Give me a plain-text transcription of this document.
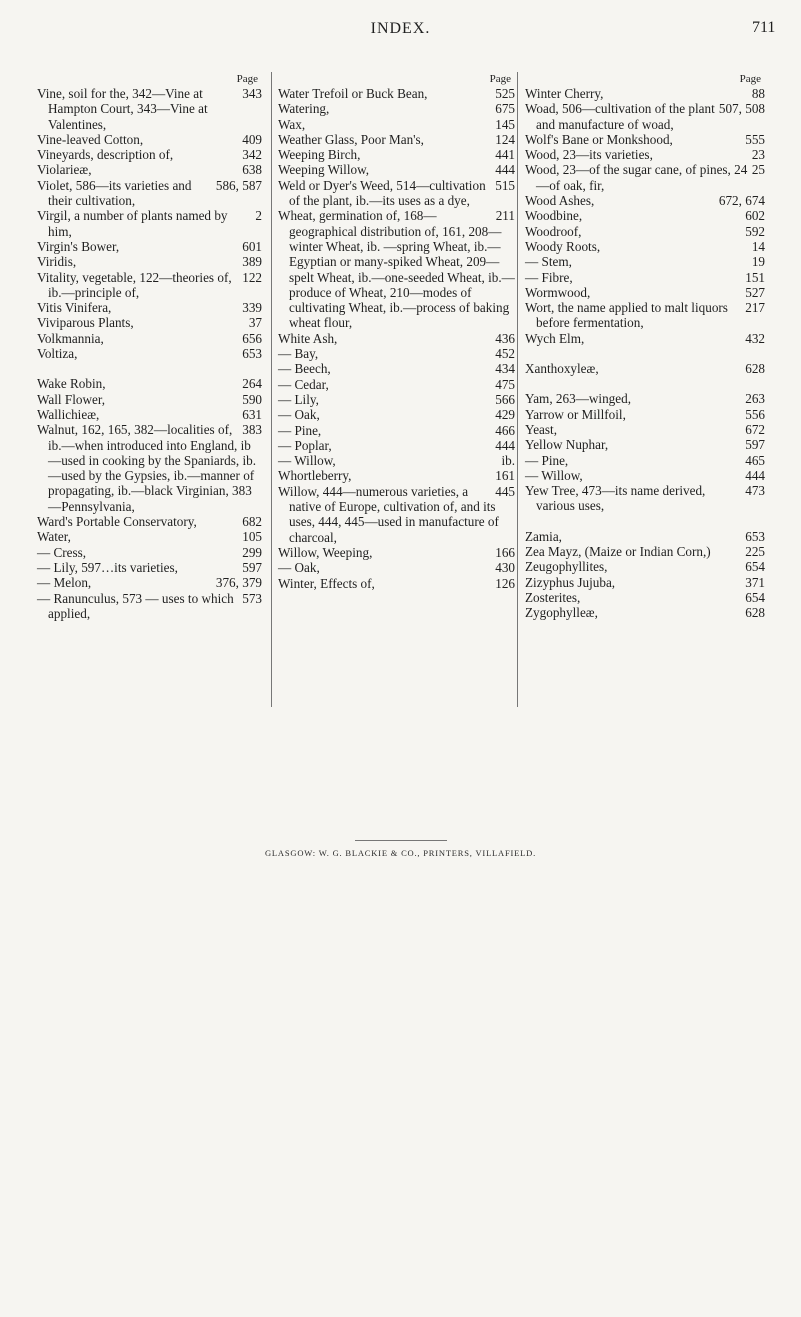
INDEX.	711
Page

343
Vine, soil for the, 342—Vine at Hampton Court, 343—Vine at Valentines,

409
Vine-leaved Cotton,

342
Vineyards, description of,

638
Violarieæ,

586, 587
Violet, 586—its varieties and their cultivation,

2
Virgil, a number of plants named by him,

601
Virgin's Bower,

389
Viridis,

122
Vitality, vegetable, 122—theories of, ib.—principle of,

339
Vitis Vinifera,

37
Viviparous Plants,

656
Volkmannia,

653
Voltiza,

264
Wake Robin,

590
Wall Flower,

631
Wallichieæ,

383
Walnut, 162, 165, 382—localities of, ib.—when introduced into England, ib—used in cooking by the Spaniards, ib. —used by the Gypsies, ib.—manner of propagating, ib.—black Virginian, 383—Pennsylvania,

682
Ward's Portable Conservatory,

105
Water,

299
— Cress,

597
— Lily, 597…its varieties,

376, 379
— Melon,

573
— Ranunculus, 573 — uses to which applied,

Page

525
Water Trefoil or Buck Bean,

675
Watering,

145
Wax,

124
Weather Glass, Poor Man's,

441
Weeping Birch,

444
Weeping Willow,

515
Weld or Dyer's Weed, 514—cultivation of the plant, ib.—its uses as a dye,

211
Wheat, germination of, 168—geographical distribution of, 161, 208—winter Wheat, ib. —spring Wheat, ib.—Egyptian or many-spiked Wheat, 209—spelt Wheat, ib.—one-seeded Wheat, ib.—produce of Wheat, 210—modes of cultivating Wheat, ib.—process of baking wheat flour,

436
White Ash,

452
— Bay,

434
— Beech,

475
— Cedar,

566
— Lily,

429
— Oak,

466
— Pine,

444
— Poplar,

ib.
— Willow,

161
Whortleberry,

445
Willow, 444—numerous varieties, a native of Europe, cultivation of, and its uses, 444, 445—used in manufacture of charcoal,

166
Willow, Weeping,

430
— Oak,

126
Winter, Effects of,

Page

88
Winter Cherry,

507, 508
Woad, 506—cultivation of the plant and manufacture of woad,

555
Wolf's Bane or Monkshood,

23
Wood, 23—its varieties,

25
Wood, 23—of the sugar cane, of pines, 24—of oak, fir,

672, 674
Wood Ashes,

602
Woodbine,

592
Woodroof,

14
Woody Roots,

19
— Stem,

151
— Fibre,

527
Wormwood,

217
Wort, the name applied to malt liquors before fermentation,

432
Wych Elm,

628
Xanthoxyleæ,

263
Yam, 263—winged,

556
Yarrow or Millfoil,

672
Yeast,

597
Yellow Nuphar,

465
— Pine,

444
— Willow,

473
Yew Tree, 473—its name derived, various uses,

653
Zamia,

225
Zea Mayz, (Maize or Indian Corn,)

654
Zeugophyllites,

371
Zizyphus Jujuba,

654
Zosterites,

628
Zygophylleæ,

GLASGOW: W. G. BLACKIE & CO., PRINTERS, VILLAFIELD.
